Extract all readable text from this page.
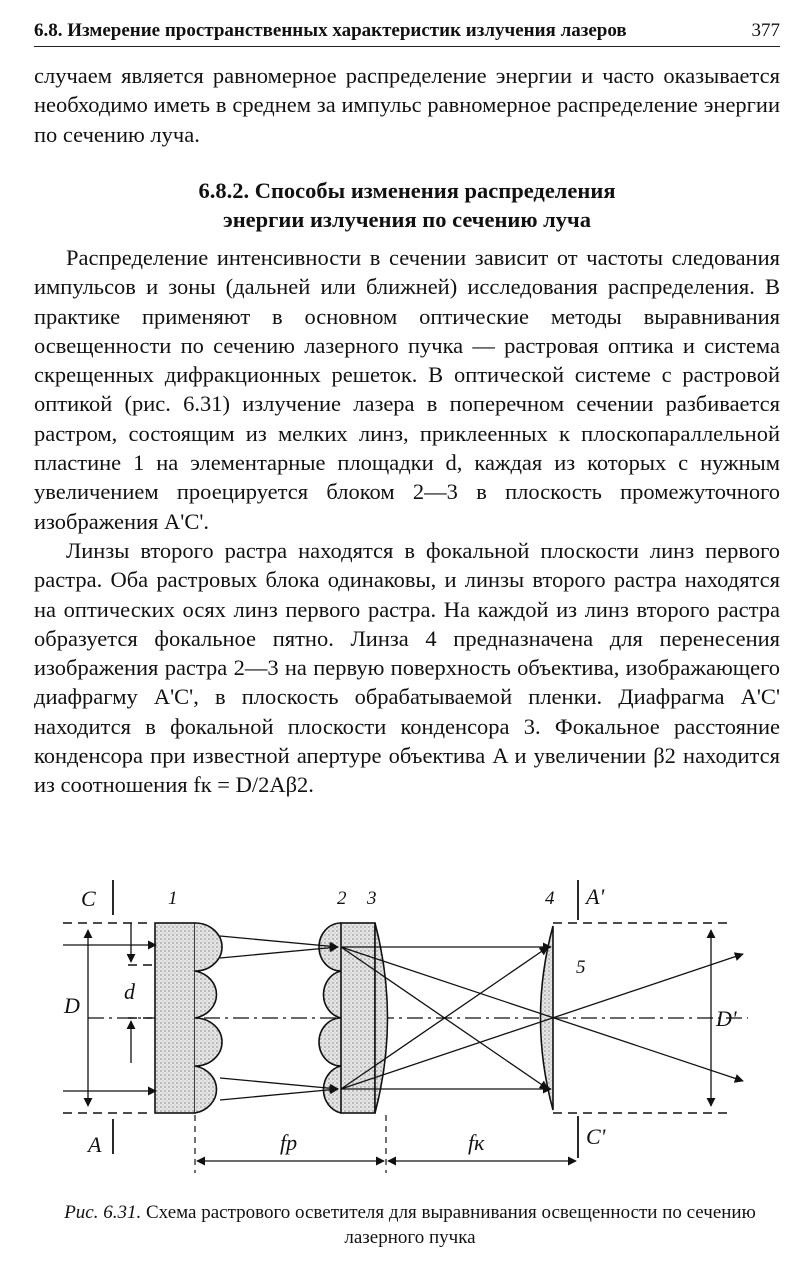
6.8. Измерение пространственных характеристик излучения лазеров	377

случаем является равномерное распределение энергии и часто оказывается необходимо иметь в среднем за импульс равномерное распределение энергии по сечению луча.

6.8.2. Способы изменения распределения
энергии излучения по сечению луча

Распределение интенсивности в сечении зависит от частоты следования импульсов и зоны (дальней или ближней) исследования распределения. В практике применяют в основном оптические методы выравнивания освещенности по сечению лазерного пучка — растровая оптика и система скрещенных дифракционных решеток. В оптической системе с растровой оптикой (рис. 6.31) излучение лазера в поперечном сечении разбивается растром, состоящим из мелких линз, приклеенных к плоскопараллельной пластине 1 на элементарные площадки d, каждая из которых с нужным увеличением проецируется блоком 2—3 в плоскость промежуточного изображения A'C'.

Линзы второго растра находятся в фокальной плоскости линз первого растра. Оба растровых блока одинаковы, и линзы второго растра находятся на оптических осях линз первого растра. На каждой из линз второго растра образуется фокальное пятно. Линза 4 предназначена для перенесения изображения растра 2—3 на первую поверхность объектива, изображающего диафрагму A'C', в плоскость обрабатываемой пленки. Диафрагма A'C' находится в фокальной плоскости конденсора 3. Фокальное расстояние конденсора при известной апертуре объектива A и увеличении β2 находится из соотношения fк = D/2Aβ2.

C
A
D
d
1	2 3	4
5
A'
C'
D'
fр	fк
Рис. 6.31. Схема растрового осветителя для выравнивания освещенности по сечению лазерного пучка
